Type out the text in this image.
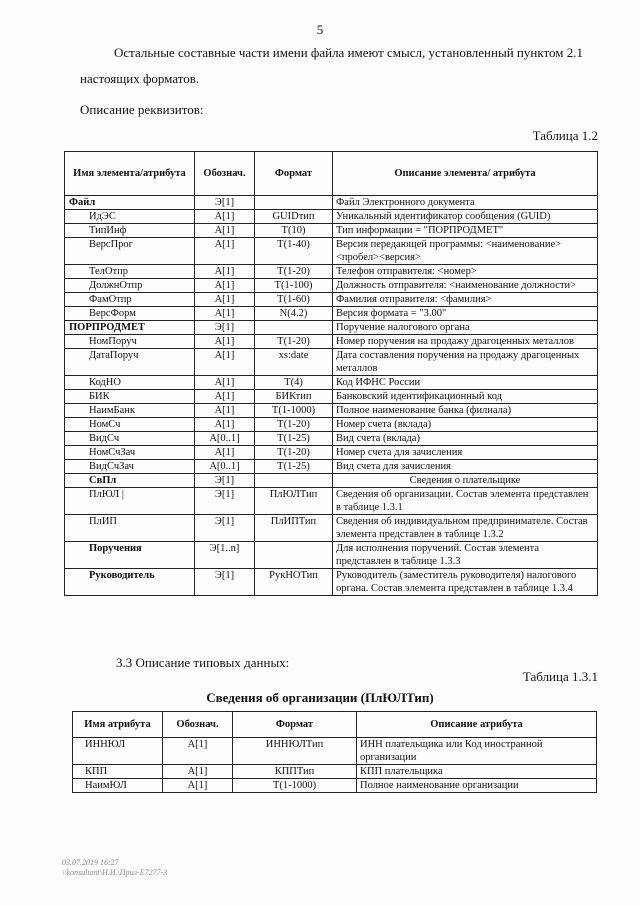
5
Остальные составные части имени файла имеют смысл, установленный пунктом 2.1 настоящих форматов.
Описание реквизитов:
Таблица 1.2
Имя элемента/атрибута	Обознач.	Формат	Описание элемента/ атрибута
Файл	Э[1]		Файл Электронного документа
ИдЭС	А[1]	GUIDтип	Уникальный идентификатор сообщения (GUID)
ТипИнф	А[1]	Т(10)	Тип информации = "ПОРПРОДМЕТ"
ВерсПрог	А[1]	Т(1-40)	Версия передающей программы: <наименование><пробел><версия>
ТелОтпр	А[1]	Т(1-20)	Телефон отправителя: <номер>
ДолжнОтпр	А[1]	Т(1-100)	Должность отправителя: <наименование должности>
ФамОтпр	А[1]	Т(1-60)	Фамилия отправителя: <фамилия>
ВерсФорм	А[1]	N(4.2)	Версия формата = "3.00"
ПОРПРОДМЕТ	Э[1]		Поручение налогового органа
НомПоруч	А[1]	Т(1-20)	Номер поручения на продажу драгоценных металлов
ДатаПоруч	А[1]	xs:date	Дата составления поручения на продажу драгоценных металлов
КодНО	А[1]	Т(4)	Код ИФНС России
БИК	А[1]	БИКтип	Банковский идентификационный код
НаимБанк	А[1]	Т(1-1000)	Полное наименование банка (филиала)
НомСч	А[1]	Т(1-20)	Номер счета (вклада)
ВидСч	А[0..1]	Т(1-25)	Вид счета (вклада)
НомСчЗач	А[1]	Т(1-20)	Номер счета для зачисления
ВидСчЗач	А[0..1]	Т(1-25)	Вид счета для зачисления
СвПл	Э[1]		Сведения о плательщике
ПлЮЛ |	Э[1]	ПлЮЛТип	Сведения об организации. Состав элемента представлен в таблице 1.3.1
ПлИП	Э[1]	ПлИПТип	Сведения об индивидуальном предпринимателе. Состав элемента представлен в таблице 1.3.2
Поручения	Э[1..n]		Для исполнения поручений. Состав элемента представлен в таблице 1.3.3
Руководитель	Э[1]	РукНОТип	Руководитель (заместитель руководителя) налогового органа. Состав элемента представлен в таблице 1.3.4
3.3 Описание типовых данных:
Таблица 1.3.1
Сведения об организации (ПлЮЛТип)
Имя атрибута	Обознач.	Формат	Описание атрибута
ИННЮЛ	А[1]	ИННЮЛТип	ИНН плательщика или Код иностранной организации
КПП	А[1]	КППТип	КПП плательщика
НаимЮЛ	А[1]	Т(1-1000)	Полное наименование организации
03.07.2019 16:27
\\konsultant\Н.И.\Прил-Е7277-3
